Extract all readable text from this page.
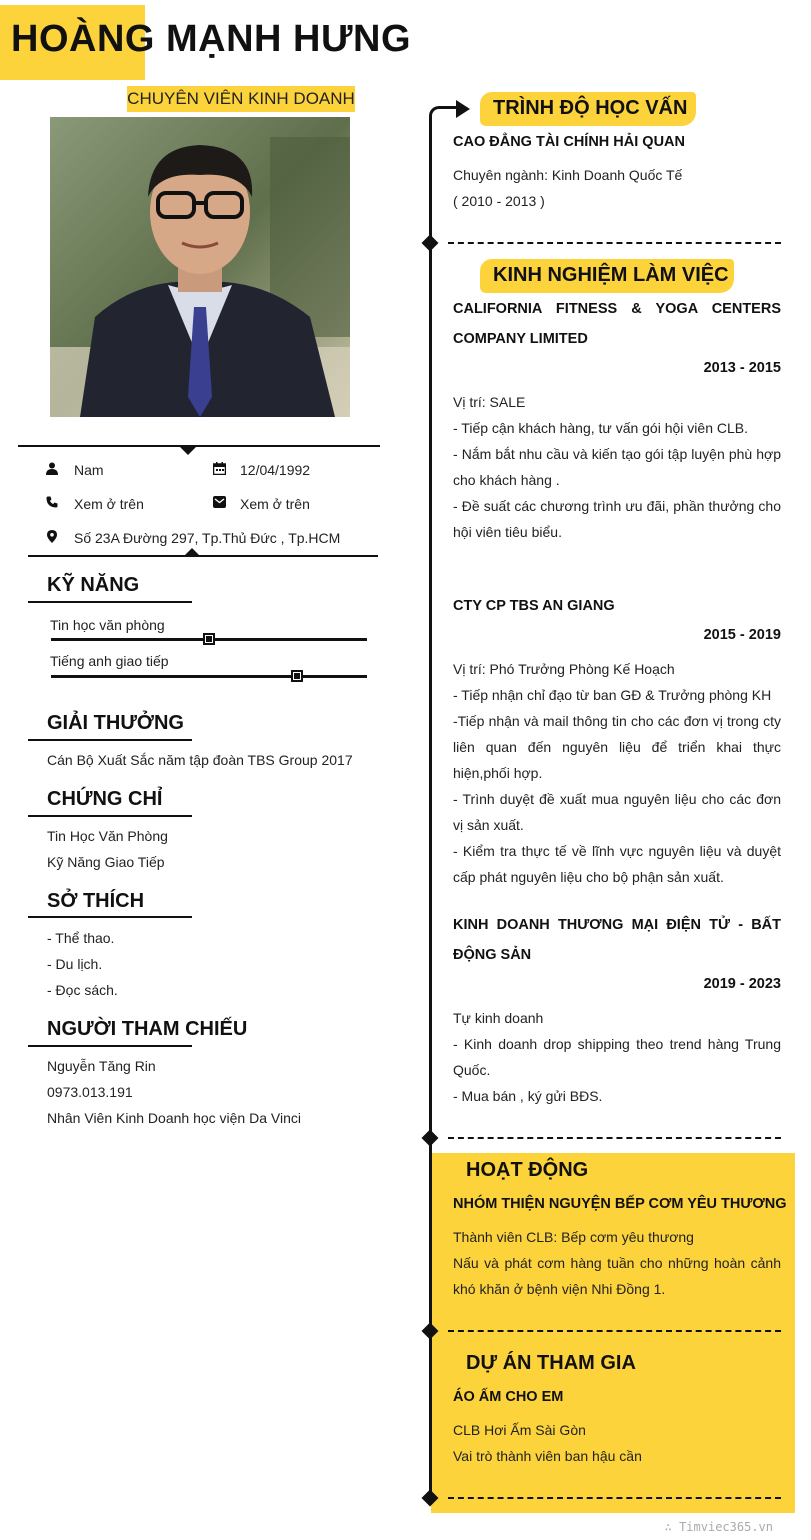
HOÀNG MẠNH HƯNG
CHUYÊN VIÊN KINH DOANH
Nam	12/04/1992
Xem ở trên	Xem ở trên
Số 23A Đường 297, Tp.Thủ Đức , Tp.HCM
KỸ NĂNG
Tin học văn phòng
Tiếng anh giao tiếp
GIẢI THƯỞNG
Cán Bộ Xuất Sắc năm tập đoàn TBS Group 2017
CHỨNG CHỈ
Tin Học Văn Phòng
Kỹ Năng Giao Tiếp
SỞ THÍCH
- Thể thao.
- Du lịch.
- Đọc sách.
NGƯỜI THAM CHIẾU
Nguyễn Tăng Rin
0973.013.191
Nhân Viên Kinh Doanh học viện Da Vinci
TRÌNH ĐỘ HỌC VẤN
CAO ĐẲNG TÀI CHÍNH HẢI QUAN
Chuyên ngành: Kinh Doanh Quốc Tế
( 2010 - 2013 )
KINH NGHIỆM LÀM VIỆC
CALIFORNIA FITNESS & YOGA CENTERS COMPANY LIMITED
2013 - 2015
Vị trí: SALE
- Tiếp cận khách hàng, tư vấn gói hội viên CLB.
- Nắm bắt nhu cầu và kiến tạo gói tập luyện phù hợp cho khách hàng .
- Đề suất các chương trình ưu đãi, phần thưởng cho hội viên tiêu biểu.
CTY CP TBS AN GIANG
2015 - 2019
Vị trí: Phó Trưởng Phòng Kế Hoạch
- Tiếp nhận chỉ đạo từ ban GĐ & Trưởng phòng KH
-Tiếp nhận và mail thông tin cho các đơn vị trong cty liên quan đến nguyên liệu để triển khai thực hiện,phối hợp.
- Trình duyệt đề xuất mua nguyên liệu cho các đơn vị sản xuất.
- Kiểm tra thực tế về lĩnh vực nguyên liệu và duyệt cấp phát nguyên liệu cho bộ phận sản xuất.
KINH DOANH THƯƠNG MẠI ĐIỆN TỬ - BẤT ĐỘNG SẢN
2019 - 2023
Tự kinh doanh
- Kinh doanh drop shipping theo trend hàng Trung Quốc.
- Mua bán , ký gửi BĐS.
HOẠT ĐỘNG
NHÓM THIỆN NGUYỆN BẾP CƠM YÊU THƯƠNG
Thành viên CLB: Bếp cơm yêu thương
Nấu và phát cơm hàng tuần cho những hoàn cảnh khó khăn ở bệnh viện Nhi Đồng 1.
DỰ ÁN THAM GIA
ÁO ẤM CHO EM
CLB Hơi Ấm Sài Gòn
Vai trò thành viên ban hậu cần
∴ Timviec365.vn
